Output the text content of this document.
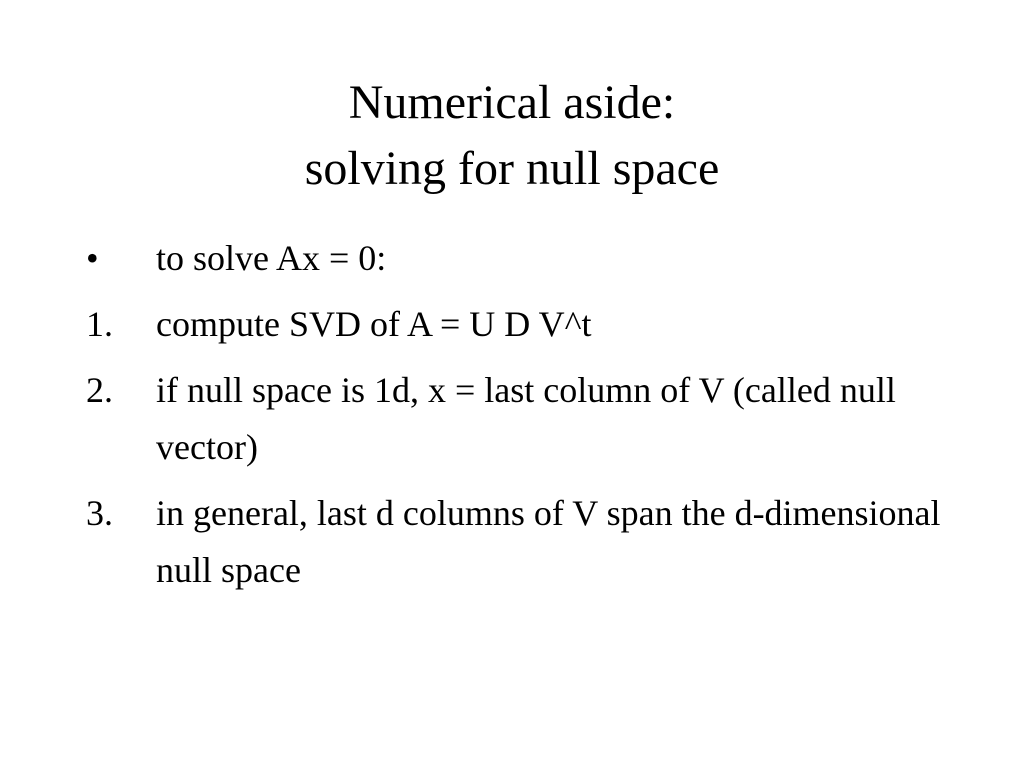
Numerical aside:
solving for null space
• to solve Ax = 0:
1. compute SVD of A = U D V^t
2. if null space is 1d, x = last column of V (called null vector)
3. in general, last d columns of V span the d-dimensional null space
